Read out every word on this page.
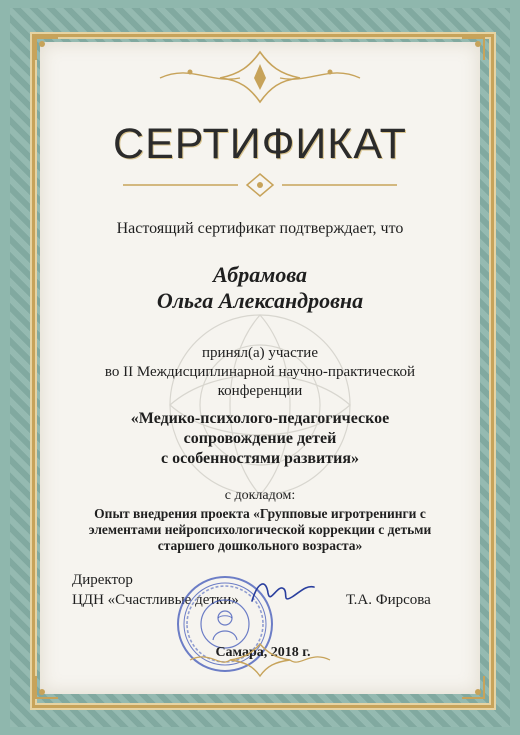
СЕРТИФИКАТ
Настоящий сертификат подтверждает, что
Абрамова
Ольга Александровна
принял(а) участие
во II Междисциплинарной научно-практической
конференции
«Медико-психолого-педагогическое
сопровождение детей
с особенностями развития»
с докладом:
Опыт внедрения проекта «Групповые игротренинги с
элементами нейропсихологической коррекции с детьми
старшего дошкольного возраста»
Директор
ЦДН «Счастливые детки»	Т.А. Фирсова
Самара, 2018 г.
